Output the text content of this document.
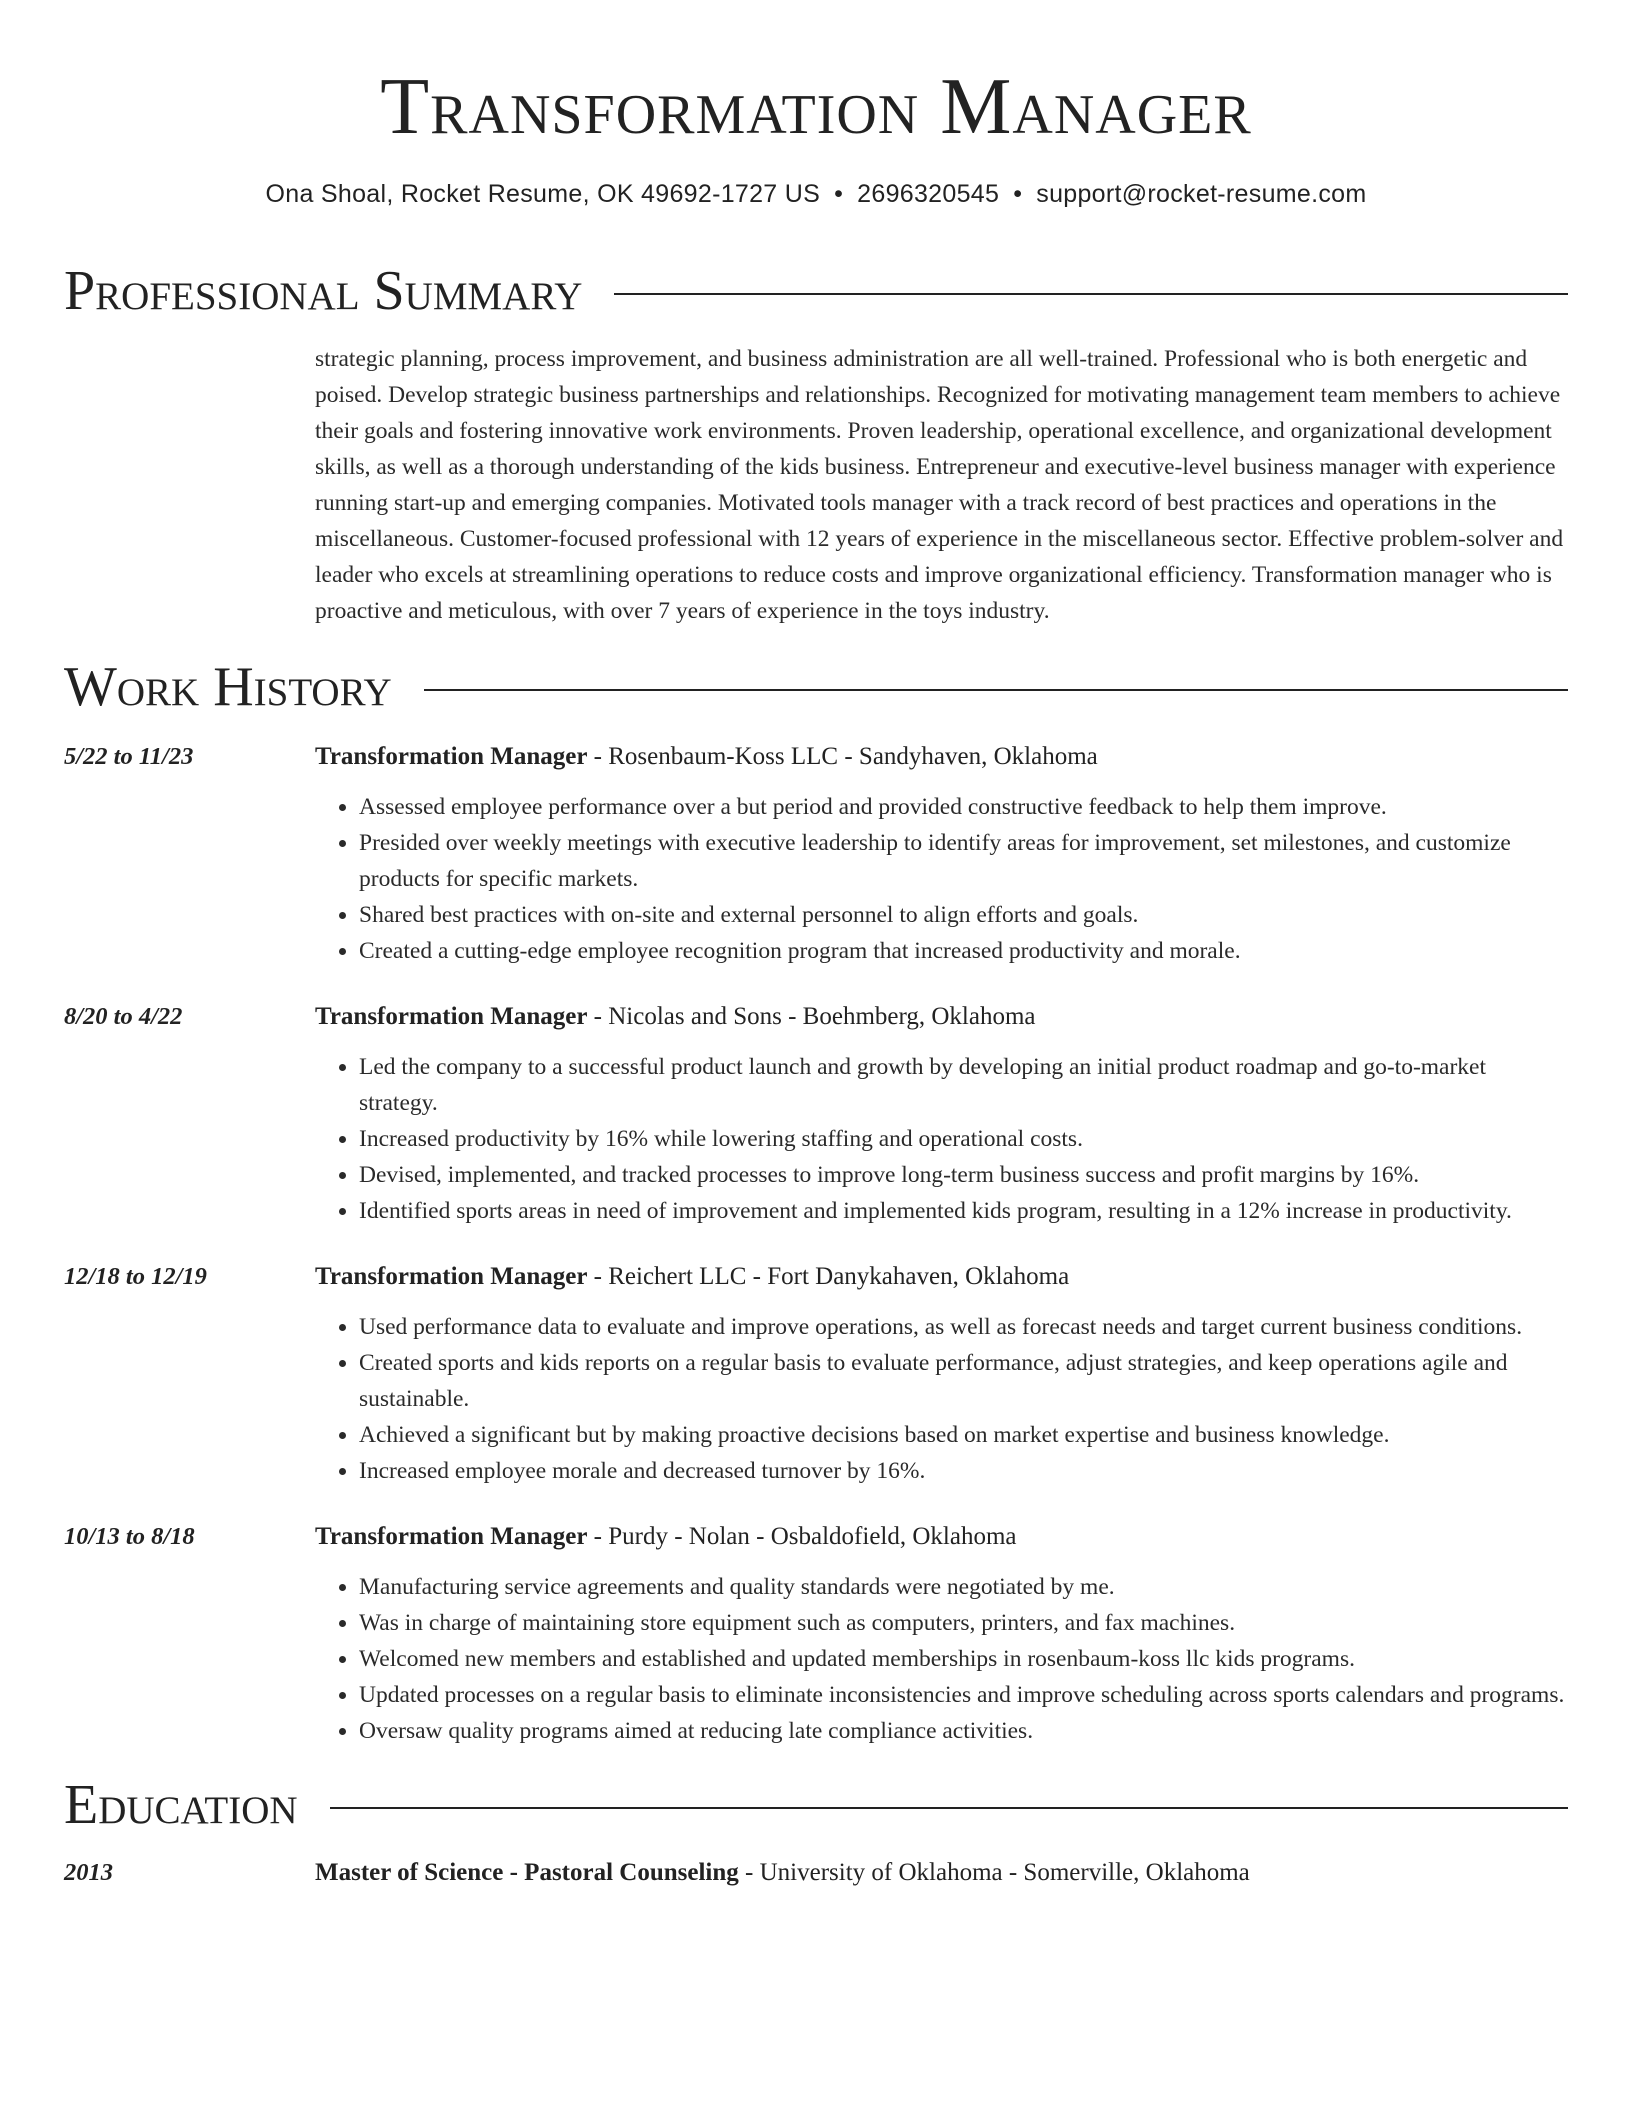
Transformation Manager
Ona Shoal, Rocket Resume, OK 49692-1727 US • 2696320545 • support@rocket-resume.com
Professional Summary
strategic planning, process improvement, and business administration are all well-trained. Professional who is both energetic and poised. Develop strategic business partnerships and relationships. Recognized for motivating management team members to achieve their goals and fostering innovative work environments. Proven leadership, operational excellence, and organizational development skills, as well as a thorough understanding of the kids business. Entrepreneur and executive-level business manager with experience running start-up and emerging companies. Motivated tools manager with a track record of best practices and operations in the miscellaneous. Customer-focused professional with 12 years of experience in the miscellaneous sector. Effective problem-solver and leader who excels at streamlining operations to reduce costs and improve organizational efficiency. Transformation manager who is proactive and meticulous, with over 7 years of experience in the toys industry.
Work History
5/22 to 11/23	Transformation Manager - Rosenbaum-Koss LLC - Sandyhaven, Oklahoma
• Assessed employee performance over a but period and provided constructive feedback to help them improve.
• Presided over weekly meetings with executive leadership to identify areas for improvement, set milestones, and customize products for specific markets.
• Shared best practices with on-site and external personnel to align efforts and goals.
• Created a cutting-edge employee recognition program that increased productivity and morale.
8/20 to 4/22	Transformation Manager - Nicolas and Sons - Boehmberg, Oklahoma
• Led the company to a successful product launch and growth by developing an initial product roadmap and go-to-market strategy.
• Increased productivity by 16% while lowering staffing and operational costs.
• Devised, implemented, and tracked processes to improve long-term business success and profit margins by 16%.
• Identified sports areas in need of improvement and implemented kids program, resulting in a 12% increase in productivity.
12/18 to 12/19	Transformation Manager - Reichert LLC - Fort Danykahaven, Oklahoma
• Used performance data to evaluate and improve operations, as well as forecast needs and target current business conditions.
• Created sports and kids reports on a regular basis to evaluate performance, adjust strategies, and keep operations agile and sustainable.
• Achieved a significant but by making proactive decisions based on market expertise and business knowledge.
• Increased employee morale and decreased turnover by 16%.
10/13 to 8/18	Transformation Manager - Purdy - Nolan - Osbaldofield, Oklahoma
• Manufacturing service agreements and quality standards were negotiated by me.
• Was in charge of maintaining store equipment such as computers, printers, and fax machines.
• Welcomed new members and established and updated memberships in rosenbaum-koss llc kids programs.
• Updated processes on a regular basis to eliminate inconsistencies and improve scheduling across sports calendars and programs.
• Oversaw quality programs aimed at reducing late compliance activities.
Education
2013	Master of Science - Pastoral Counseling - University of Oklahoma - Somerville, Oklahoma
